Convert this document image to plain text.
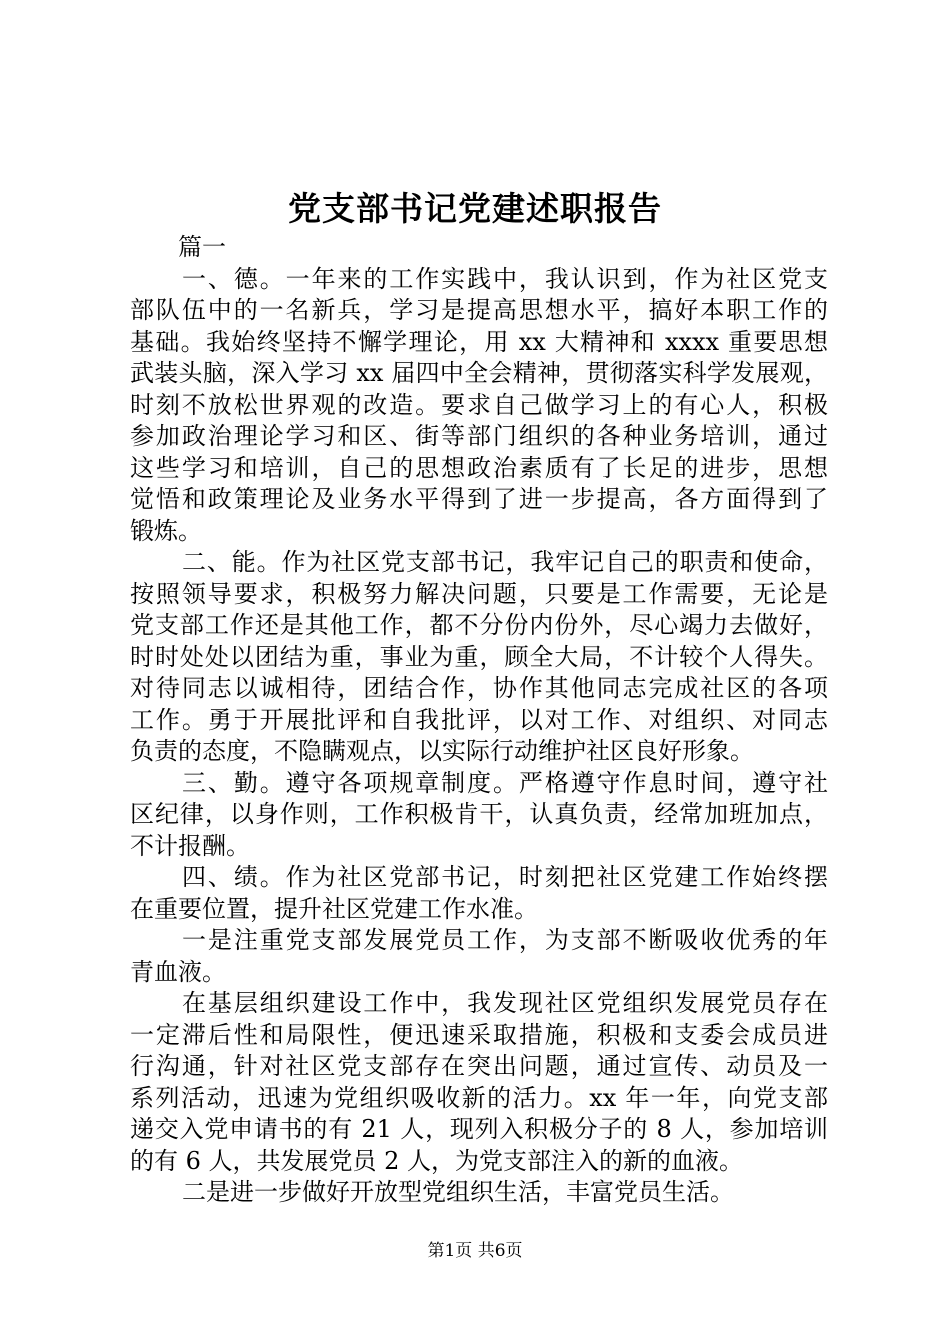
党支部书记党建述职报告
篇一
一、德。一年来的工作实践中，我认识到，作为社区党支
部队伍中的一名新兵，学习是提高思想水平，搞好本职工作的
基础。我始终坚持不懈学理论，用 xx 大精神和 xxxx 重要思想
武装头脑，深入学习 xx 届四中全会精神，贯彻落实科学发展观，
时刻不放松世界观的改造。要求自己做学习上的有心人，积极
参加政治理论学习和区、街等部门组织的各种业务培训，通过
这些学习和培训，自己的思想政治素质有了长足的进步，思想
觉悟和政策理论及业务水平得到了进一步提高，各方面得到了
锻炼。
二、能。作为社区党支部书记，我牢记自己的职责和使命，
按照领导要求，积极努力解决问题，只要是工作需要，无论是
党支部工作还是其他工作，都不分份内份外，尽心竭力去做好，
时时处处以团结为重，事业为重，顾全大局，不计较个人得失。
对待同志以诚相待，团结合作，协作其他同志完成社区的各项
工作。勇于开展批评和自我批评，以对工作、对组织、对同志
负责的态度，不隐瞒观点，以实际行动维护社区良好形象。
三、勤。遵守各项规章制度。严格遵守作息时间，遵守社
区纪律，以身作则，工作积极肯干，认真负责，经常加班加点，
不计报酬。
四、绩。作为社区党部书记，时刻把社区党建工作始终摆
在重要位置，提升社区党建工作水准。
一是注重党支部发展党员工作，为支部不断吸收优秀的年
青血液。
在基层组织建设工作中，我发现社区党组织发展党员存在
一定滞后性和局限性，便迅速采取措施，积极和支委会成员进
行沟通，针对社区党支部存在突出问题，通过宣传、动员及一
系列活动，迅速为党组织吸收新的活力。xx 年一年，向党支部
递交入党申请书的有 21 人，现列入积极分子的 8 人，参加培训
的有 6 人，共发展党员 2 人，为党支部注入的新的血液。
二是进一步做好开放型党组织生活，丰富党员生活。
第1页 共6页
